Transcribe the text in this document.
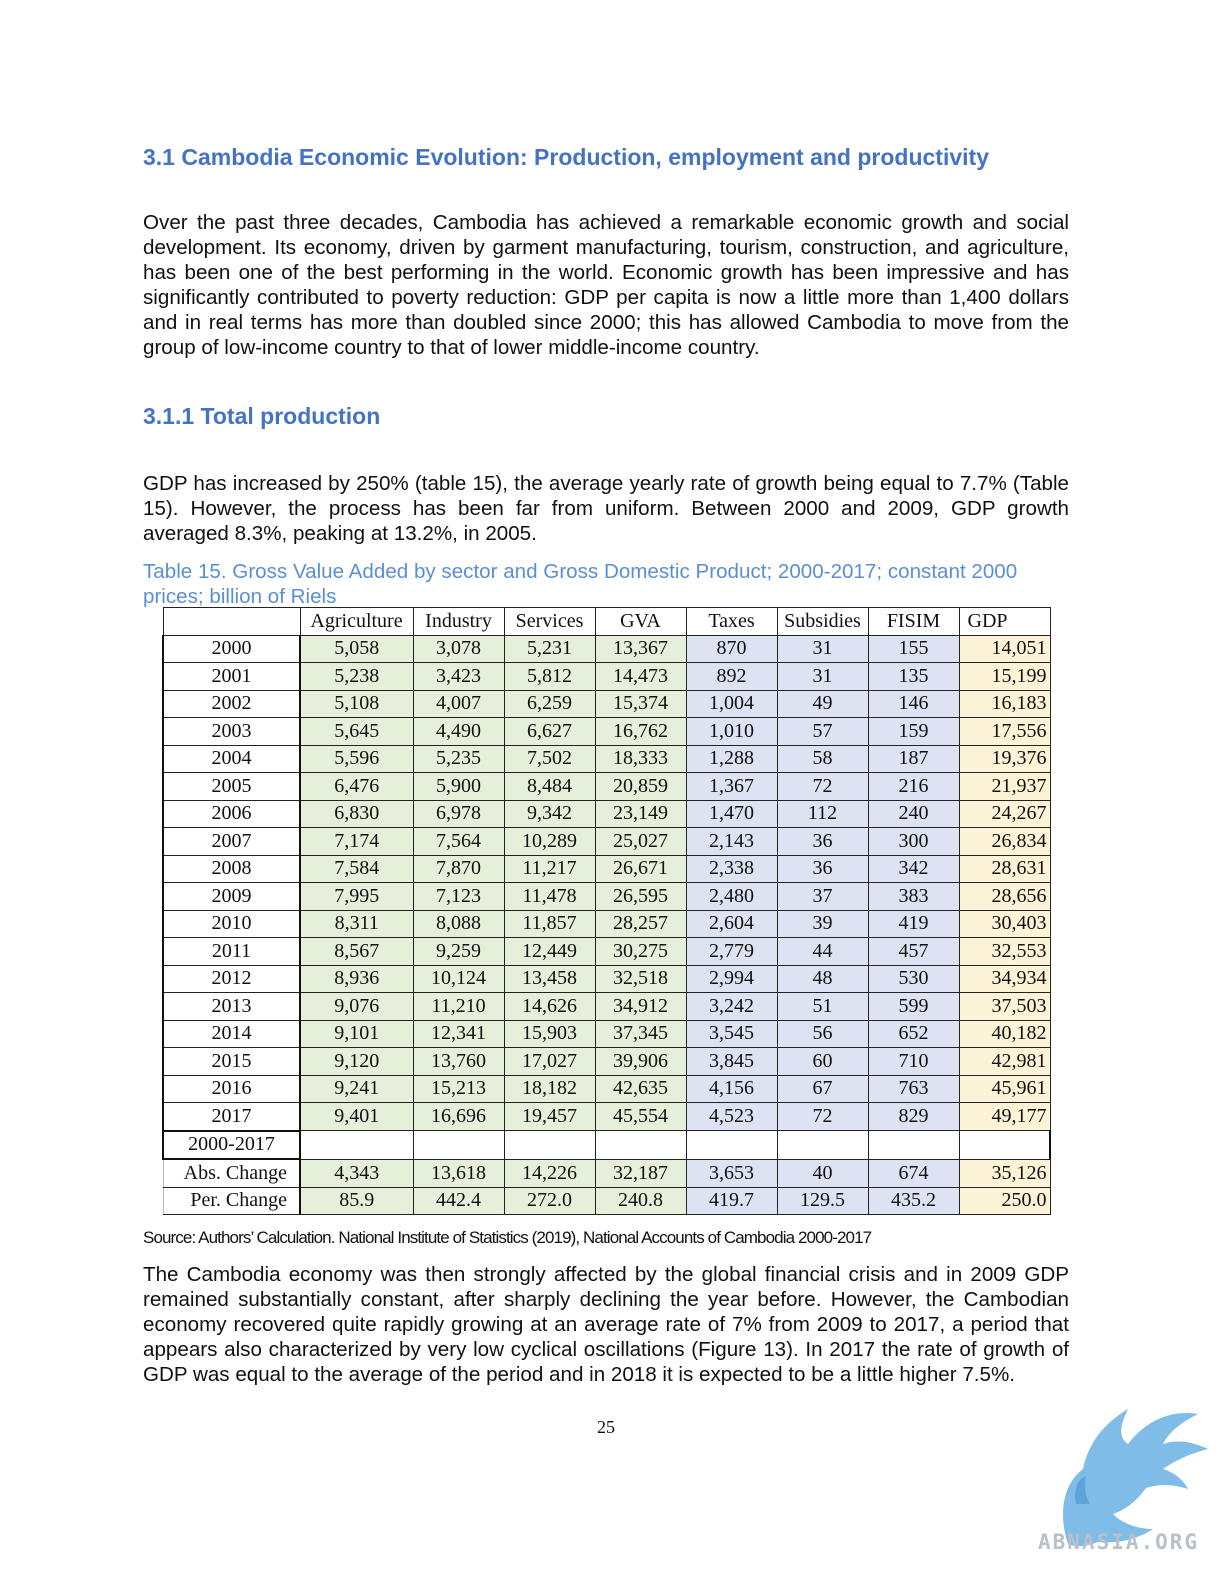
3.1 Cambodia Economic Evolution: Production, employment and productivity

Over the past three decades, Cambodia has achieved a remarkable economic growth and social development. Its economy, driven by garment manufacturing, tourism, construction, and agriculture, has been one of the best performing in the world. Economic growth has been impressive and has significantly contributed to poverty reduction: GDP per capita is now a little more than 1,400 dollars and in real terms has more than doubled since 2000; this has allowed Cambodia to move from the group of low-income country to that of lower middle-income country.

3.1.1 Total production

GDP has increased by 250% (table 15), the average yearly rate of growth being equal to 7.7% (Table 15). However, the process has been far from uniform. Between 2000 and 2009, GDP growth averaged 8.3%, peaking at 13.2%, in 2005.

Table 15. Gross Value Added by sector and Gross Domestic Product; 2000-2017; constant 2000 prices; billion of Riels

	Agriculture	Industry	Services	GVA	Taxes	Subsidies	FISIM	GDP
2000	5,058	3,078	5,231	13,367	870	31	155	14,051
2001	5,238	3,423	5,812	14,473	892	31	135	15,199
2002	5,108	4,007	6,259	15,374	1,004	49	146	16,183
2003	5,645	4,490	6,627	16,762	1,010	57	159	17,556
2004	5,596	5,235	7,502	18,333	1,288	58	187	19,376
2005	6,476	5,900	8,484	20,859	1,367	72	216	21,937
2006	6,830	6,978	9,342	23,149	1,470	112	240	24,267
2007	7,174	7,564	10,289	25,027	2,143	36	300	26,834
2008	7,584	7,870	11,217	26,671	2,338	36	342	28,631
2009	7,995	7,123	11,478	26,595	2,480	37	383	28,656
2010	8,311	8,088	11,857	28,257	2,604	39	419	30,403
2011	8,567	9,259	12,449	30,275	2,779	44	457	32,553
2012	8,936	10,124	13,458	32,518	2,994	48	530	34,934
2013	9,076	11,210	14,626	34,912	3,242	51	599	37,503
2014	9,101	12,341	15,903	37,345	3,545	56	652	40,182
2015	9,120	13,760	17,027	39,906	3,845	60	710	42,981
2016	9,241	15,213	18,182	42,635	4,156	67	763	45,961
2017	9,401	16,696	19,457	45,554	4,523	72	829	49,177
2000-2017								
Abs. Change	4,343	13,618	14,226	32,187	3,653	40	674	35,126
Per. Change	85.9	442.4	272.0	240.8	419.7	129.5	435.2	250.0

Source: Authors’ Calculation. National Institute of Statistics (2019), National Accounts of Cambodia 2000-2017

The Cambodia economy was then strongly affected by the global financial crisis and in 2009 GDP remained substantially constant, after sharply declining the year before. However, the Cambodian economy recovered quite rapidly growing at an average rate of 7% from 2009 to 2017, a period that appears also characterized by very low cyclical oscillations (Figure 13). In 2017 the rate of growth of GDP was equal to the average of the period and in 2018 it is expected to be a little higher 7.5%.

25
ABNASIA.ORG
